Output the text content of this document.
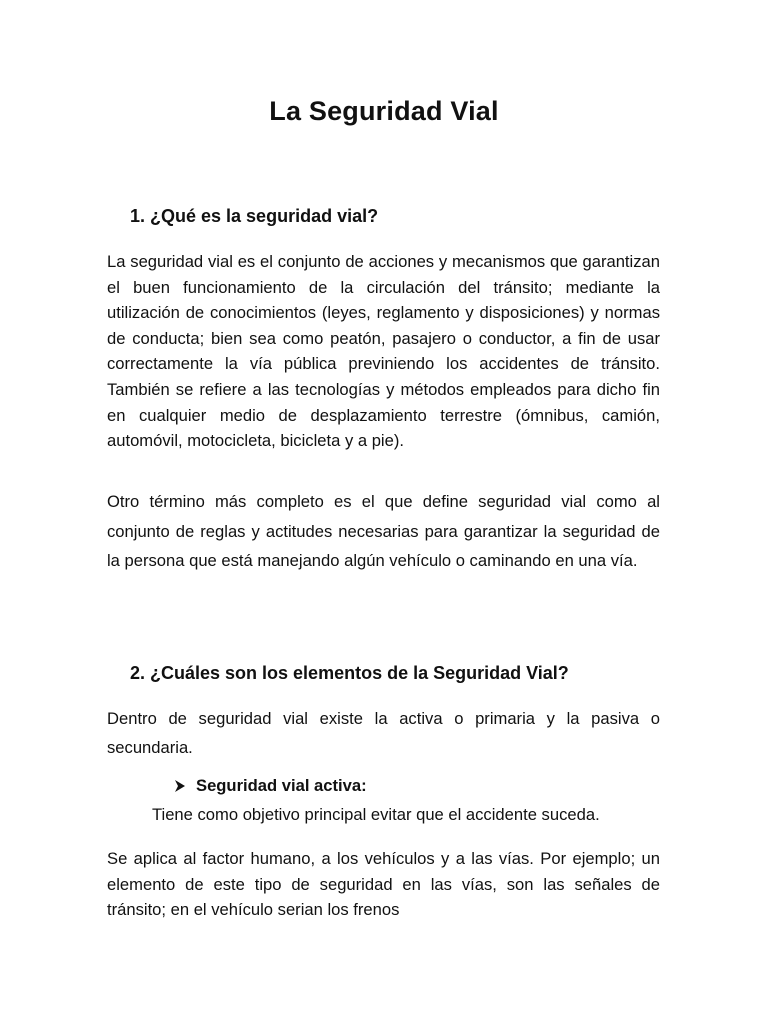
La Seguridad Vial
1. ¿Qué es la seguridad vial?

La seguridad vial es el conjunto de acciones y mecanismos que garantizan el buen funcionamiento de la circulación del tránsito; mediante la utilización de conocimientos (leyes, reglamento y disposiciones) y normas de conducta; bien sea como peatón, pasajero o conductor, a fin de usar correctamente la vía pública previniendo los accidentes de tránsito. También se refiere a las tecnologías y métodos empleados para dicho fin en cualquier medio de desplazamiento terrestre (ómnibus, camión, automóvil, motocicleta, bicicleta y a pie).

Otro término más completo es el que define seguridad vial como al conjunto de reglas y actitudes necesarias para garantizar la seguridad de la persona que está manejando algún vehículo o caminando en una vía.

2. ¿Cuáles son los elementos de la Seguridad Vial?

Dentro de seguridad vial existe la activa o primaria y la pasiva o secundaria.

Seguridad vial activa:

Tiene como objetivo principal evitar que el accidente suceda.

Se aplica al factor humano, a los vehículos y a las vías. Por ejemplo; un elemento de este tipo de seguridad en las vías, son las señales de tránsito; en el vehículo serian los frenos
